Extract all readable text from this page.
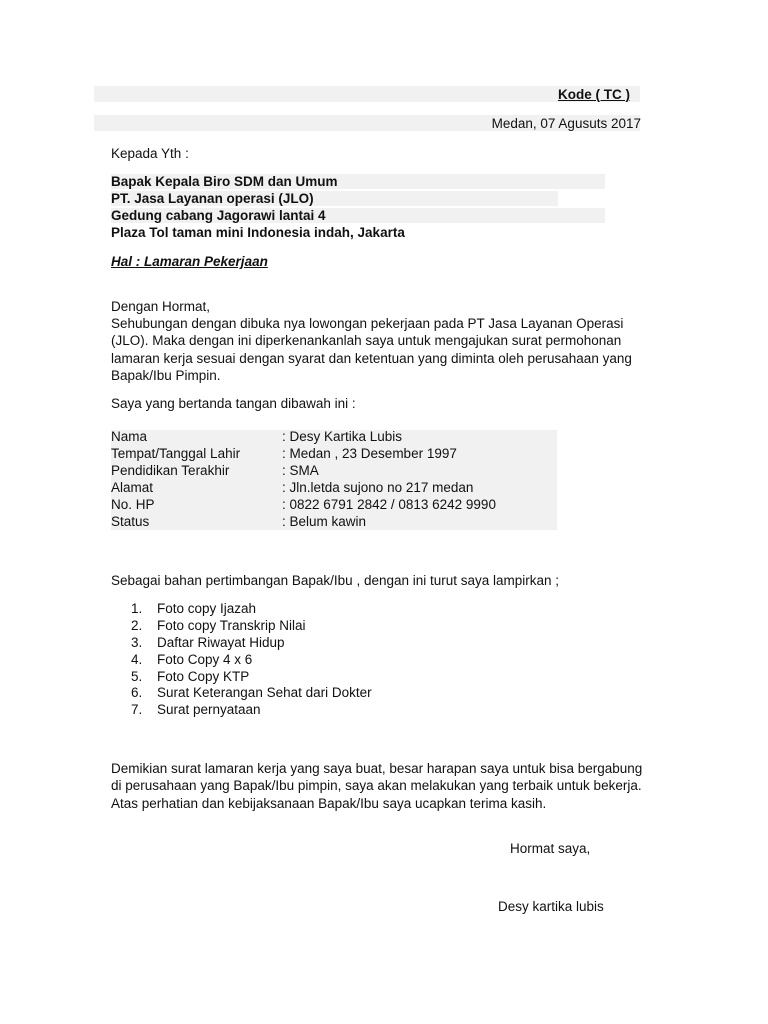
Kode ( TC )
Medan, 07 Agusuts 2017
Kepada Yth :
Bapak Kepala Biro SDM dan Umum
PT. Jasa Layanan operasi (JLO)
Gedung cabang Jagorawi lantai 4
Plaza Tol taman mini Indonesia indah, Jakarta
Hal : Lamaran Pekerjaan
Dengan Hormat,
Sehubungan dengan dibuka nya lowongan pekerjaan pada PT Jasa Layanan Operasi (JLO). Maka dengan ini diperkenankanlah saya untuk mengajukan surat permohonan lamaran kerja sesuai dengan syarat dan ketentuan yang diminta oleh perusahaan yang Bapak/Ibu Pimpin.
Saya yang bertanda tangan dibawah ini :
Nama	: Desy Kartika Lubis
Tempat/Tanggal Lahir	: Medan , 23 Desember 1997
Pendidikan Terakhir	: SMA
Alamat	: Jln.letda sujono no 217 medan
No. HP	: 0822 6791 2842 / 0813 6242 9990
Status	: Belum kawin
Sebagai bahan pertimbangan Bapak/Ibu , dengan ini turut saya lampirkan ;
1. Foto copy Ijazah
2. Foto copy Transkrip Nilai
3. Daftar Riwayat Hidup
4. Foto Copy 4 x 6
5. Foto Copy KTP
6. Surat Keterangan Sehat dari Dokter
7. Surat pernyataan
Demikian surat lamaran kerja yang saya buat, besar harapan saya untuk bisa bergabung di perusahaan yang Bapak/Ibu pimpin, saya akan melakukan yang terbaik untuk bekerja. Atas perhatian dan kebijaksanaan Bapak/Ibu saya ucapkan terima kasih.
Hormat saya,
Desy kartika lubis
